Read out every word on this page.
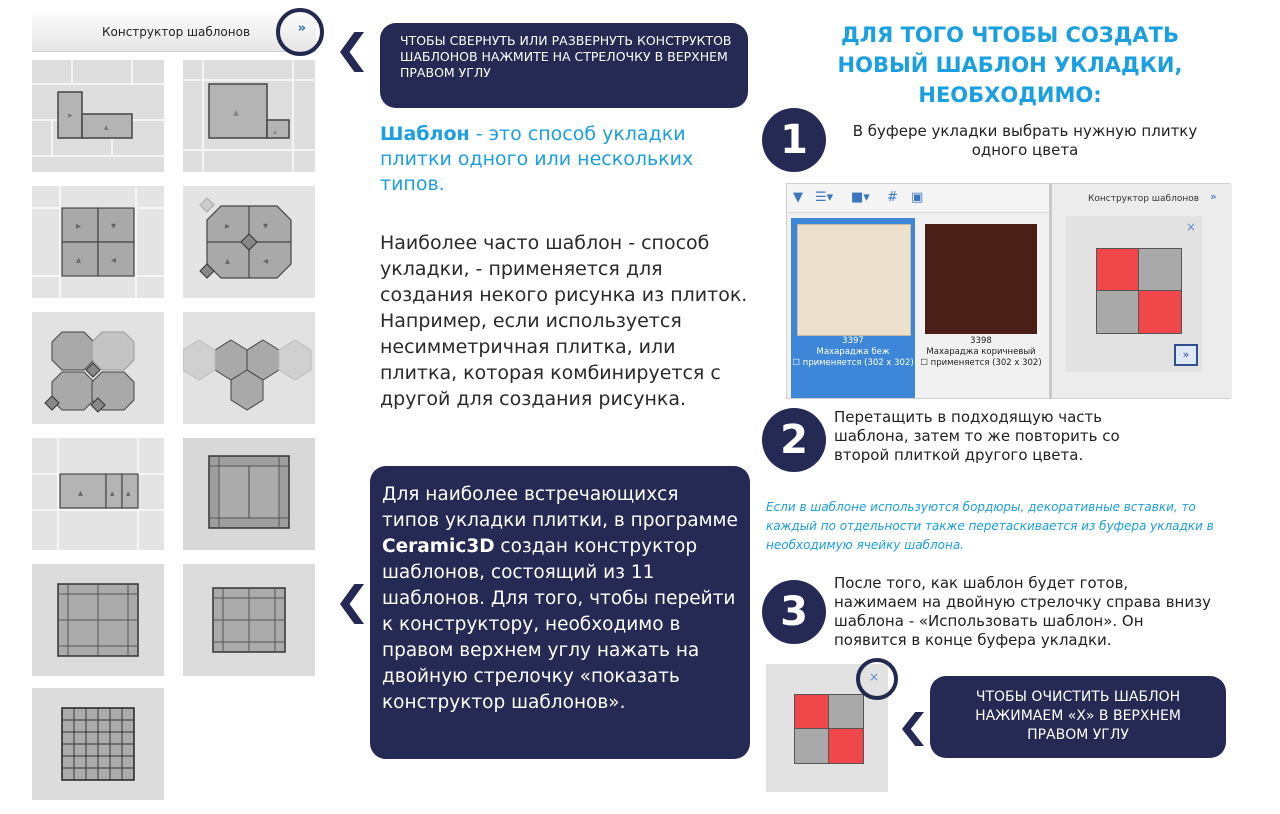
Конструктор шаблонов	»
▸
▴
▴
▴
▸	▾
▴	◂
▸	▾
▴	◂
▴	▴ ▴
ЧТОБЫ СВЕРНУТЬ ИЛИ РАЗВЕРНУТЬ КОНСТРУКТОВ ШАБЛОНОВ НАЖМИТЕ НА СТРЕЛОЧКУ В ВЕРХНЕМ ПРАВОМ УГЛУ
Шаблон - это способ укладки плитки одного или нескольких типов.
Наиболее часто шаблон - способ укладки, - применяется для создания некого рисунка из плиток. Например, если используется несимметричная плитка, или плитка, которая комбинируется с другой для создания рисунка.
Для наиболее встречающихся типов укладки плитки, в программе Ceramic3D создан конструктор шаблонов, состоящий из 11 шаблонов. Для того, чтобы перейти к конструктору, необходимо в правом верхнем углу нажать на двойную стрелочку «показать конструктор шаблонов».
ДЛЯ ТОГО ЧТОБЫ СОЗДАТЬ
НОВЫЙ ШАБЛОН УКЛАДКИ,
НЕОБХОДИМО:
1	В буфере укладки выбрать нужную плитку одного цвета
▼ ☰▾ ■▾ # ▣
3397
Махараджа беж
☐ применяется (302 x 302)
3398
Махараджа коричневый
☐ применяется (302 x 302)
Конструктор шаблонов »
×
»
2	Перетащить в подходящую часть шаблона, затем то же повторить со второй плиткой другого цвета.
Если в шаблоне используются бордюры, декоративные вставки, то каждый по отдельности также перетаскивается из буфера укладки в необходимую ячейку шаблона.
3
После того, как шаблон будет готов, нажимаем на двойную стрелочку справа внизу шаблона - «Использовать шаблон». Он появится в конце буфера укладки.
×
ЧТОБЫ ОЧИСТИТЬ ШАБЛОН НАЖИМАЕМ «Х» В ВЕРХНЕМ ПРАВОМ УГЛУ
